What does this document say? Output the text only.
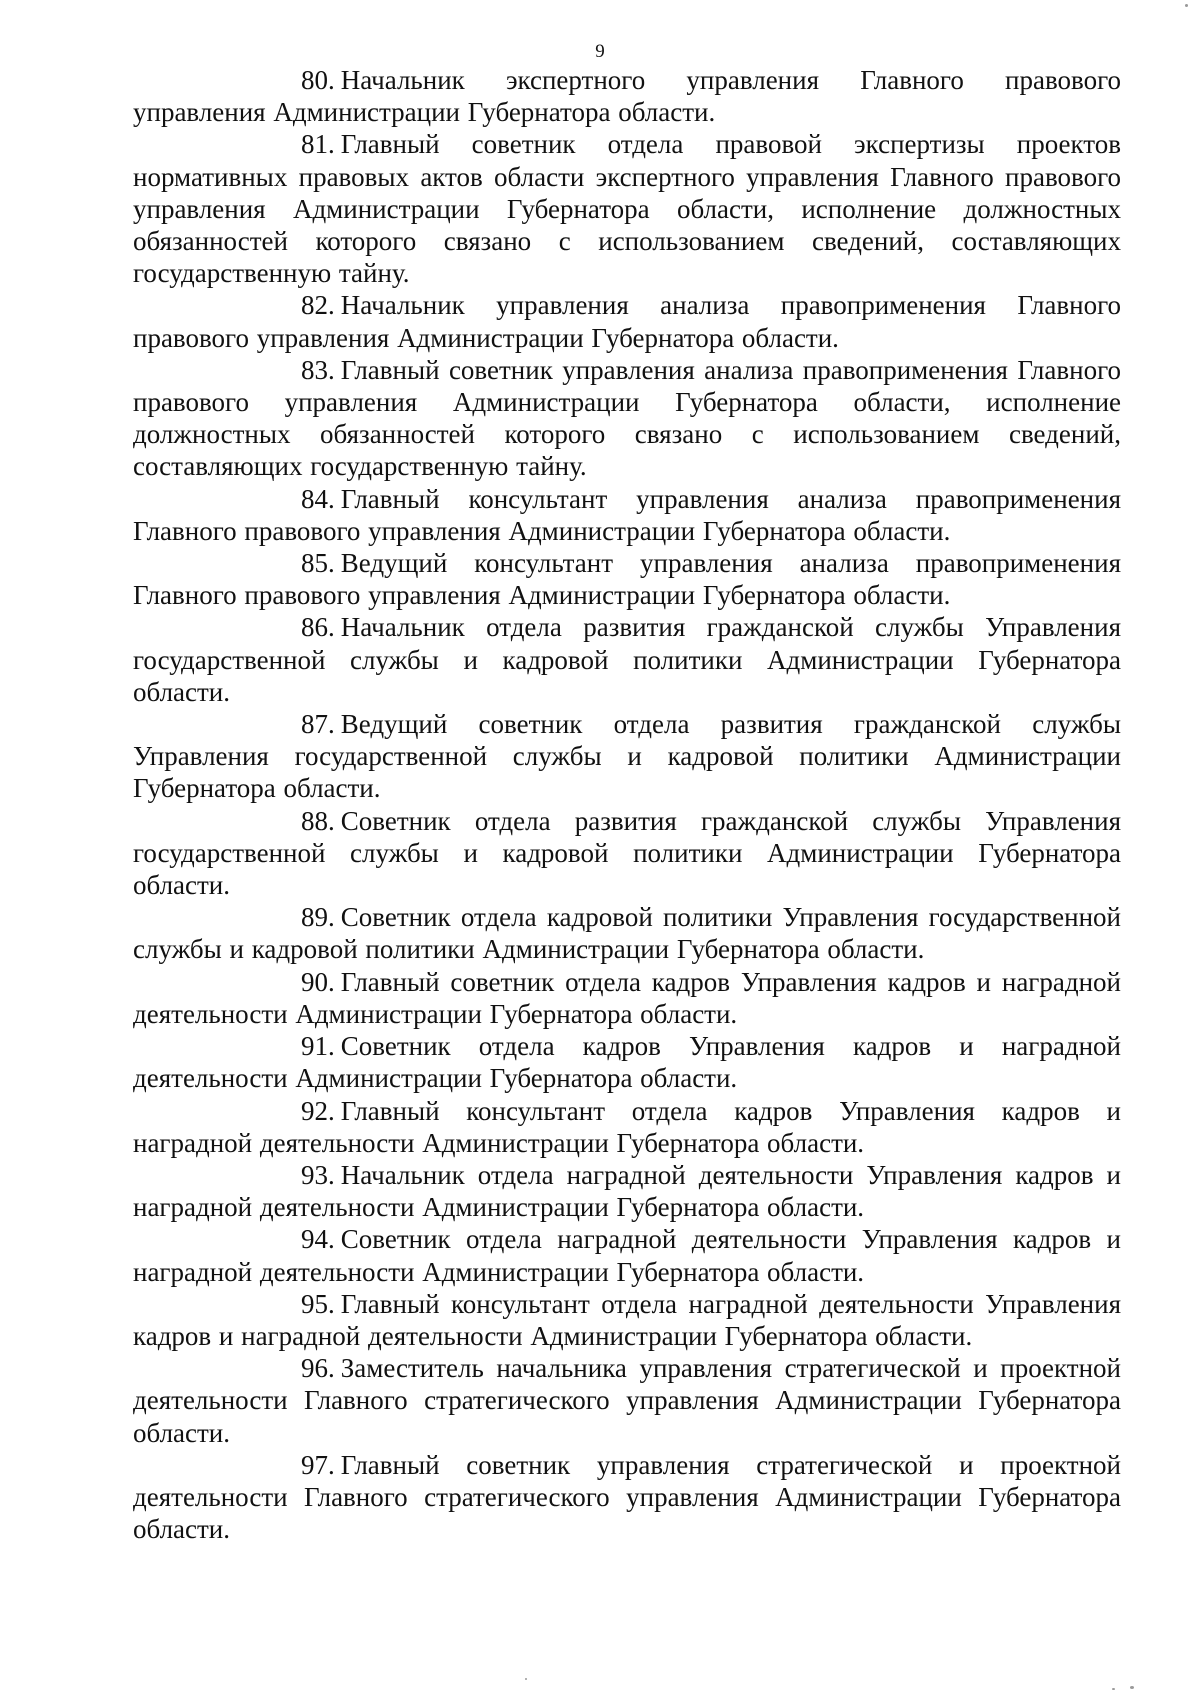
9

80. Начальник экспертного управления Главного правового управления Администрации Губернатора области.

81. Главный советник отдела правовой экспертизы проектов нормативных правовых актов области экспертного управления Главного правового управления Администрации Губернатора области, исполнение должностных обязанностей которого связано с использованием сведений, составляющих государственную тайну.

82. Начальник управления анализа правоприменения Главного правового управления Администрации Губернатора области.

83. Главный советник управления анализа правоприменения Главного правового управления Администрации Губернатора области, исполнение должностных обязанностей которого связано с использованием сведений, составляющих государственную тайну.

84. Главный консультант управления анализа правоприменения Главного правового управления Администрации Губернатора области.

85. Ведущий консультант управления анализа правоприменения Главного правового управления Администрации Губернатора области.

86. Начальник отдела развития гражданской службы Управления государственной службы и кадровой политики Администрации Губернатора области.

87. Ведущий советник отдела развития гражданской службы Управления государственной службы и кадровой политики Администрации Губернатора области.

88. Советник отдела развития гражданской службы Управления государственной службы и кадровой политики Администрации Губернатора области.

89. Советник отдела кадровой политики Управления государственной службы и кадровой политики Администрации Губернатора области.

90. Главный советник отдела кадров Управления кадров и наградной деятельности Администрации Губернатора области.

91. Советник отдела кадров Управления кадров и наградной деятельности Администрации Губернатора области.

92. Главный консультант отдела кадров Управления кадров и наградной деятельности Администрации Губернатора области.

93. Начальник отдела наградной деятельности Управления кадров и наградной деятельности Администрации Губернатора области.

94. Советник отдела наградной деятельности Управления кадров и наградной деятельности Администрации Губернатора области.

95. Главный консультант отдела наградной деятельности Управления кадров и наградной деятельности Администрации Губернатора области.

96. Заместитель начальника управления стратегической и проектной деятельности Главного стратегического управления Администрации Губернатора области.

97. Главный советник управления стратегической и проектной деятельности Главного стратегического управления Администрации Губернатора области.
